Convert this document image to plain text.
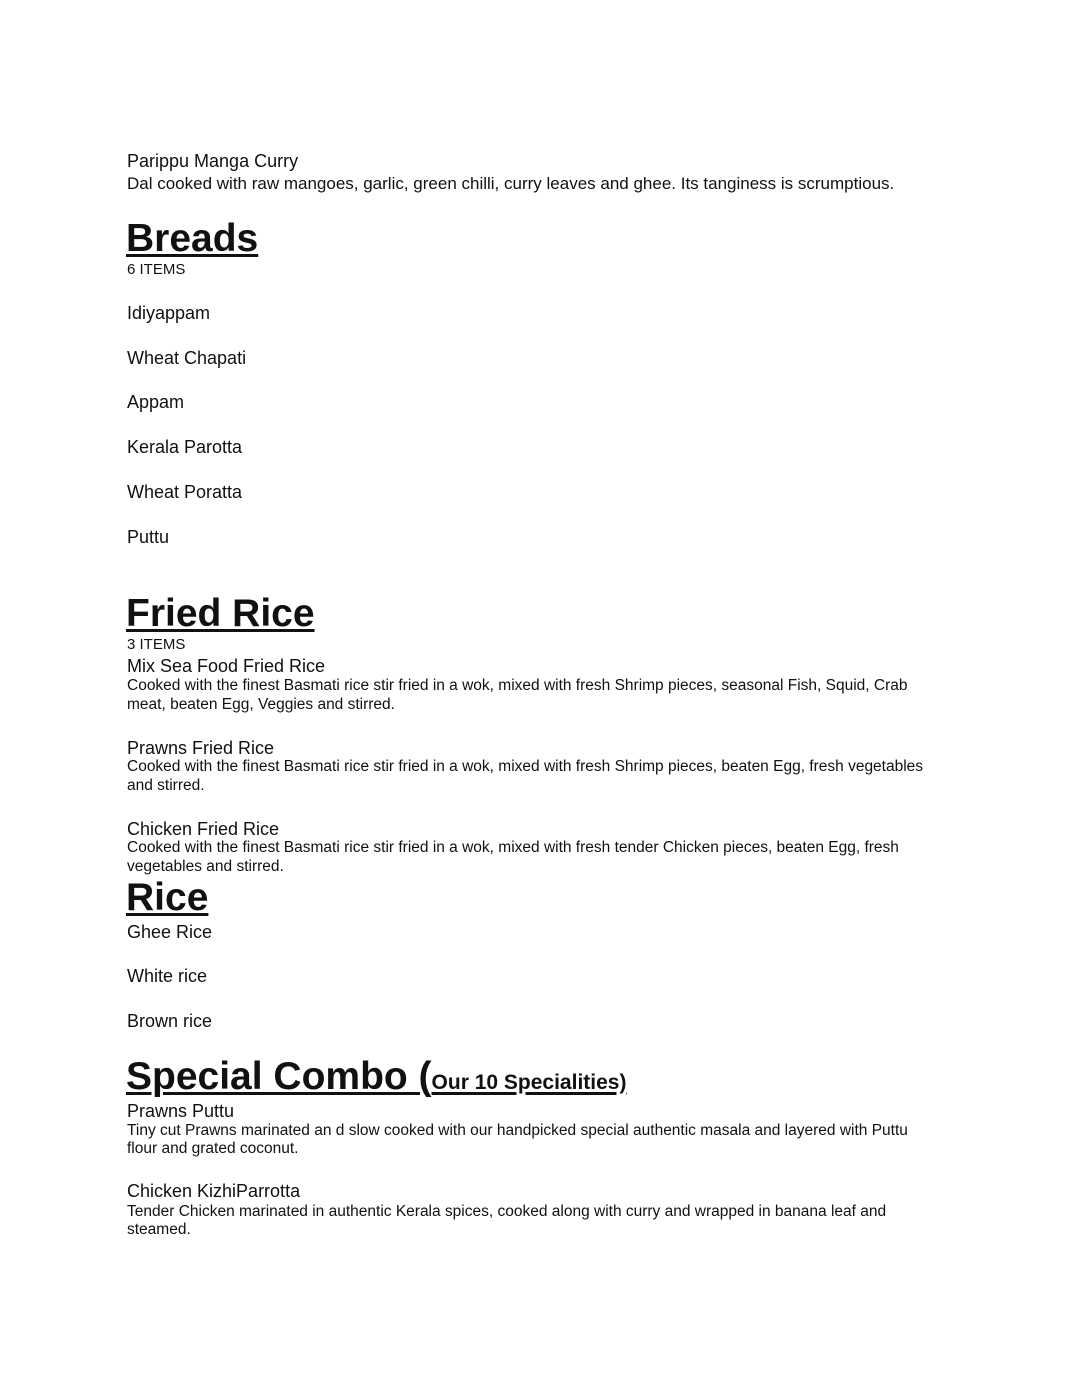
Parippu Manga Curry
Dal cooked with raw mangoes, garlic, green chilli, curry leaves and ghee. Its tanginess is scrumptious.
Breads
6 ITEMS
Idiyappam
Wheat Chapati
Appam
Kerala Parotta
Wheat Poratta
Puttu
Fried Rice
3 ITEMS
Mix Sea Food Fried Rice
Cooked with the finest Basmati rice stir fried in a wok, mixed with fresh Shrimp pieces, seasonal Fish, Squid, Crab
meat, beaten Egg, Veggies and stirred.
Prawns Fried Rice
Cooked with the finest Basmati rice stir fried in a wok, mixed with fresh Shrimp pieces, beaten Egg, fresh vegetables
and stirred.
Chicken Fried Rice
Cooked with the finest Basmati rice stir fried in a wok, mixed with fresh tender Chicken pieces, beaten Egg, fresh
vegetables and stirred.
Rice
Ghee Rice
White rice
Brown rice
Special Combo (Our 10 Specialities)
Prawns Puttu
Tiny cut Prawns marinated an d slow cooked with our handpicked special authentic masala and layered with Puttu
flour and grated coconut.
Chicken KizhiParrotta
Tender Chicken marinated in authentic Kerala spices, cooked along with curry and wrapped in banana leaf and
steamed.
